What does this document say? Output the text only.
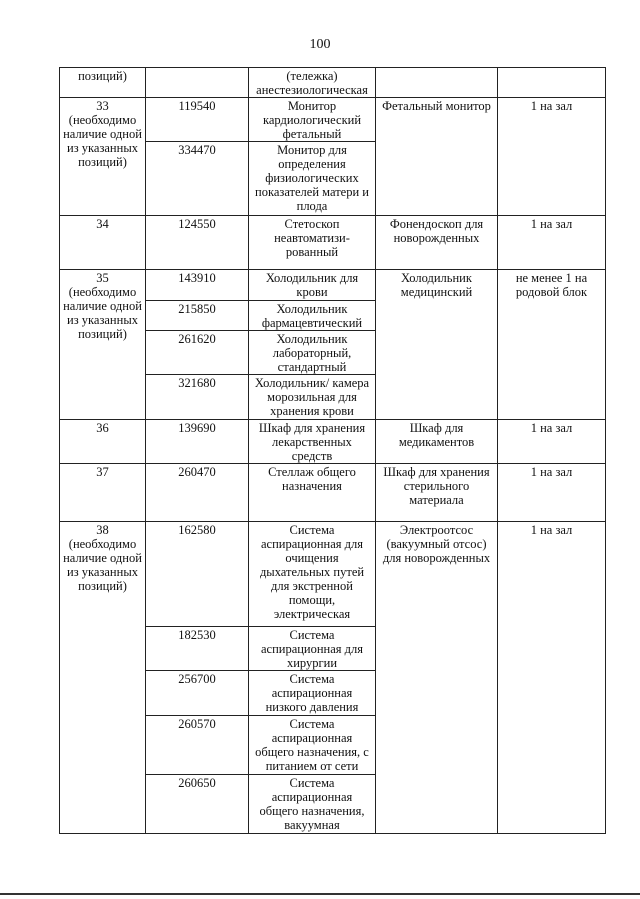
100
позиций)		(тележка) анестезиологическая		
33 (необходимо наличие одной из указанных позиций)	119540	Монитор кардиологический фетальный	Фетальный монитор	1 на зал
	334470	Монитор для определения физиологических показателей матери и плода		
34	124550	Стетоскоп неавтоматизи-рованный	Фонендоскоп для новорожденных	1 на зал
35 (необходимо наличие одной из указанных позиций)	143910	Холодильник для крови	Холодильник медицинский	не менее 1 на родовой блок
	215850	Холодильник фармацевтический		
	261620	Холодильник лабораторный, стандартный		
	321680	Холодильник/ камера морозильная для хранения крови		
36	139690	Шкаф для хранения лекарственных средств	Шкаф для медикаментов	1 на зал
37	260470	Стеллаж общего назначения	Шкаф для хранения стерильного материала	1 на зал
38 (необходимо наличие одной из указанных позиций)	162580	Система аспирационная для очищения дыхательных путей для экстренной помощи, электрическая	Электроотсос (вакуумный отсос) для новорожденных	1 на зал
	182530	Система аспирационная для хирургии		
	256700	Система аспирационная низкого давления		
	260570	Система аспирационная общего назначения, с питанием от сети		
	260650	Система аспирационная общего назначения, вакуумная		
